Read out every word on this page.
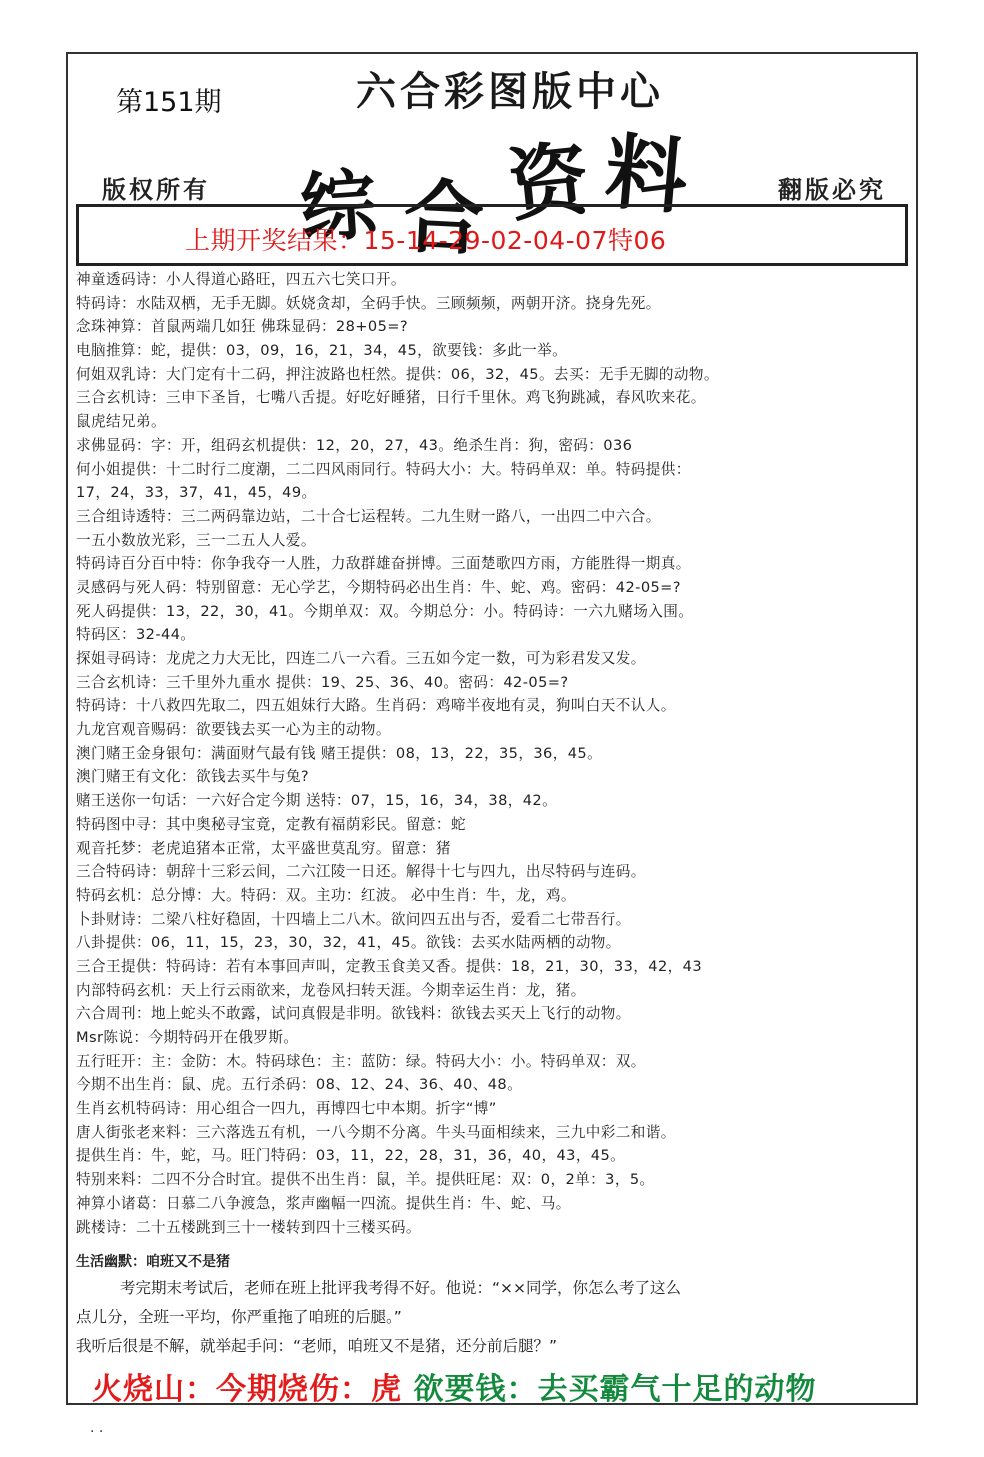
第151期	六合彩图版中心
综 合 资 料
版权所有	翻版必究
上期开奖结果：15-14-29-02-04-07特06
神童透码诗：小人得道心路旺，四五六七笑口开。
特码诗：水陆双栖，无手无脚。妖娆贪却，全码手快。三顾频频，两朝开济。挠身先死。
念珠神算：首鼠两端几如狂 佛珠显码：28+05=?
电脑推算：蛇，提供：03，09，16，21，34，45，欲要钱：多此一举。
何姐双乳诗：大门定有十二码，押注波路也枉然。提供：06，32，45。去买：无手无脚的动物。
三合玄机诗：三申下圣旨，七嘴八舌提。好吃好睡猪，日行千里休。鸡飞狗跳减，春风吹来花。
鼠虎结兄弟。
求佛显码：字：开，组码玄机提供：12，20，27，43。绝杀生肖：狗，密码：036
何小姐提供：十二时行二度潮，二二四风雨同行。特码大小：大。特码单双：单。特码提供：
17，24，33，37，41，45，49。
三合组诗透特：三二两码靠边站，二十合七运程转。二九生财一路八，一出四二中六合。
一五小数放光彩，三一二五人人爱。
特码诗百分百中特：你争我夺一人胜，力敌群雄奋拼博。三面楚歌四方雨，方能胜得一期真。
灵感码与死人码：特别留意：无心学艺，今期特码必出生肖：牛、蛇、鸡。密码：42-05=?
死人码提供：13，22，30，41。今期单双：双。今期总分：小。特码诗：一六九赌场入围。
特码区：32-44。
探姐寻码诗：龙虎之力大无比，四连二八一六看。三五如今定一数，可为彩君发又发。
三合玄机诗：三千里外九重水 提供：19、25、36、40。密码：42-05=?
特码诗：十八救四先取二，四五姐妹行大路。生肖码：鸡啼半夜地有灵，狗叫白天不认人。
九龙宫观音赐码：欲要钱去买一心为主的动物。
澳门赌王金身银句：满面财气最有钱 赌王提供：08，13，22，35，36，45。
澳门赌王有文化：欲钱去买牛与兔?
赌王送你一句话：一六好合定今期 送特：07，15，16，34，38，42。
特码图中寻：其中奥秘寻宝竟，定教有福荫彩民。留意：蛇
观音托梦：老虎追猪本正常，太平盛世莫乱穷。留意：猪
三合特码诗：朝辞十三彩云间，二六江陵一日还。解得十七与四九，出尽特码与连码。
特码玄机：总分博：大。特码：双。主功：红波。 必中生肖：牛，龙，鸡。
卜卦财诗：二梁八柱好稳固，十四墙上二八木。欲问四五出与否，爱看二七带吾行。
八卦提供：06，11，15，23，30，32，41，45。欲钱：去买水陆两栖的动物。
三合王提供：特码诗：若有本事回声叫，定教玉食美又香。提供：18，21，30，33，42，43
内部特码玄机：天上行云雨欲来，龙卷风扫转天涯。今期幸运生肖：龙，猪。
六合周刊：地上蛇头不敢露，试问真假是非明。欲钱料：欲钱去买天上飞行的动物。
Msr陈说：今期特码开在俄罗斯。
五行旺开：主：金防：木。特码球色：主：蓝防：绿。特码大小：小。特码单双：双。
今期不出生肖：鼠、虎。五行杀码：08、12、24、36、40、48。
生肖玄机特码诗：用心组合一四九，再博四七中本期。折字“博”
唐人街张老来料：三六落选五有机，一八今期不分离。牛头马面相续来，三九中彩二和谐。
提供生肖：牛，蛇，马。旺门特码：03，11，22，28，31，36，40，43，45。
特别来料：二四不分合时宜。提供不出生肖：鼠，羊。提供旺尾：双：0，2单：3，5。
神算小诸葛：日慕二八争渡急，浆声幽幅一四流。提供生肖：牛、蛇、马。
跳楼诗：二十五楼跳到三十一楼转到四十三楼买码。
生活幽默：咱班又不是猪
考完期末考试后，老师在班上批评我考得不好。他说：“××同学，你怎么考了这么
点儿分，全班一平均，你严重拖了咱班的后腿。”
我听后很是不解，就举起手问：“老师，咱班又不是猪，还分前后腿？”
火烧山：今期烧伤：虎 欲要钱：去买霸气十足的动物
. .
